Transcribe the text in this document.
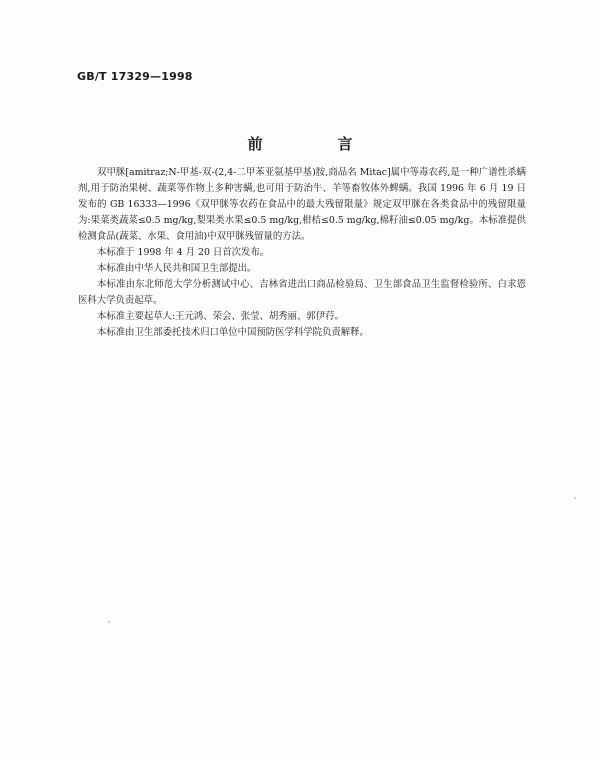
GB/T 17329—1998
前　言

双甲脒[amitraz;N-甲基-双-(2,4-二甲苯亚氨基甲基)胺,商品名 Mitac]属中等毒农药,是一种广谱性杀螨剂,用于防治果树、蔬菜等作物上多种害螨,也可用于防治牛、羊等畜牧体外蜱螨。我国 1996 年 6 月 19 日发布的 GB 16333—1996《双甲脒等农药在食品中的最大残留限量》规定双甲脒在各类食品中的残留限量为:果菜类蔬菜≤0.5 mg/kg,梨果类水果≤0.5 mg/kg,柑桔≤0.5 mg/kg,棉籽油≤0.05 mg/kg。本标准提供检测食品(蔬菜、水果、食用油)中双甲脒残留量的方法。

本标准于 1998 年 4 月 20 日首次发布。

本标准由中华人民共和国卫生部提出。

本标准由东北师范大学分析测试中心、吉林省进出口商品检验局、卫生部食品卫生监督检验所、白求恩医科大学负责起草。

本标准主要起草人:王元鸿、荣会、张莹、胡秀丽、郭伊荇。

本标准由卫生部委托技术归口单位中国预防医学科学院负责解释。
